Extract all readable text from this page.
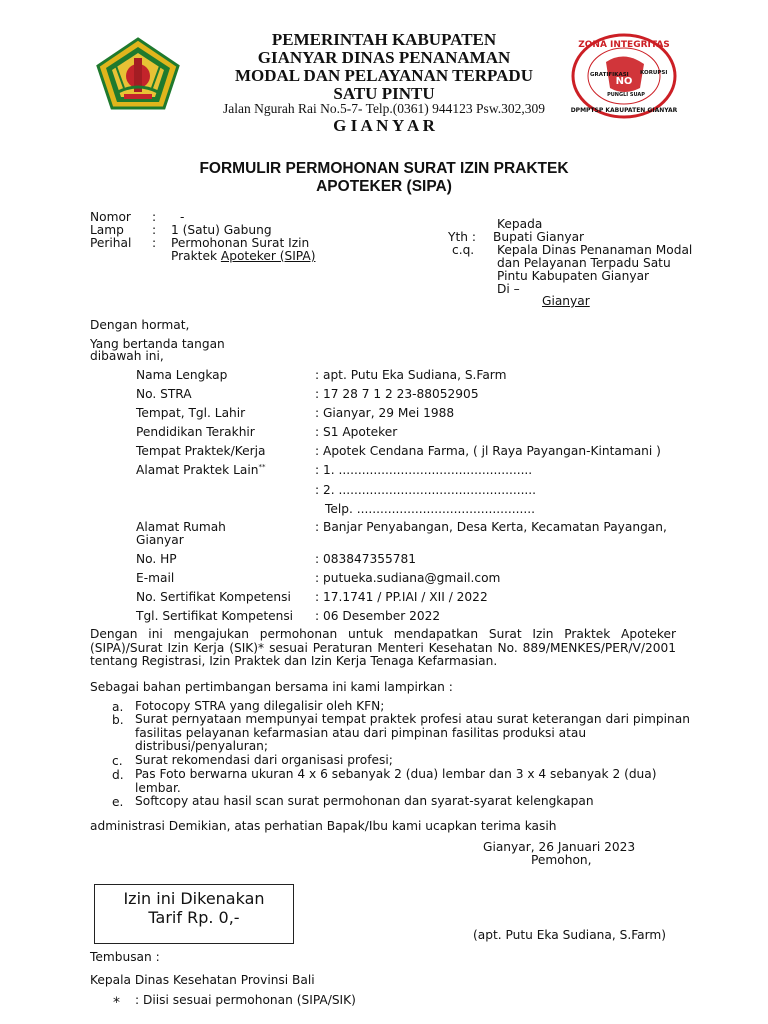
PEMERINTAH KABUPATEN
GIANYAR DINAS PENANAMAN
MODAL DAN PELAYANAN TERPADU
SATU PINTU
Jalan Ngurah Rai No.5-7- Telp.(0361) 944123 Psw.302,309
G I A N Y A R
ZONA INTEGRITAS
GRATIFIKASI KORUPSI
NO
PUNGLI SUAP
DPMPTSP KABUPATEN GIANYAR
FORMULIR PERMOHONAN SURAT IZIN PRAKTEK
APOTEKER (SIPA)
Nomor : -
Lamp : 1 (Satu) Gabung
Perihal : Permohonan Surat Izin
Praktek Apoteker (SIPA)
Kepada
Yth : Bupati Gianyar
c.q. Kepala Dinas Penanaman Modal
dan Pelayanan Terpadu Satu
Pintu Kabupaten Gianyar
Di –
Gianyar
Dengan hormat,
Yang bertanda tangan
dibawah ini,
Nama Lengkap	: apt. Putu Eka Sudiana, S.Farm
No. STRA	: 17 28 7 1 2 23-88052905
Tempat, Tgl. Lahir	: Gianyar, 29 Mei 1988
Pendidikan Terakhir	: S1 Apoteker
Tempat Praktek/Kerja	: Apotek Cendana Farma, ( jl Raya Payangan-Kintamani )
Alamat Praktek Lain**	: 1. ..................................................
: 2. ...................................................
Telp. ..............................................
Alamat Rumah
Gianyar
: Banjar Penyabangan, Desa Kerta, Kecamatan Payangan,
No. HP	: 083847355781
E-mail	: putueka.sudiana@gmail.com
No. Sertifikat Kompetensi : 17.1741 / PP.IAI / XII / 2022
Tgl. Sertifikat Kompetensi : 06 Desember 2022
Dengan ini mengajukan permohonan untuk mendapatkan Surat Izin Praktek Apoteker (SIPA)/Surat Izin Kerja (SIK)* sesuai Peraturan Menteri Kesehatan No. 889/MENKES/PER/V/2001 tentang Registrasi, Izin Praktek dan Izin Kerja Tenaga Kefarmasian.
Sebagai bahan pertimbangan bersama ini kami lampirkan :
a. Fotocopy STRA yang dilegalisir oleh KFN;
b. Surat pernyataan mempunyai tempat praktek profesi atau surat keterangan dari pimpinan fasilitas pelayanan kefarmasian atau dari pimpinan fasilitas produksi atau distribusi/penyaluran;
c. Surat rekomendasi dari organisasi profesi;
d. Pas Foto berwarna ukuran 4 x 6 sebanyak 2 (dua) lembar dan 3 x 4 sebanyak 2 (dua) lembar.
e. Softcopy atau hasil scan surat permohonan dan syarat-syarat kelengkapan
administrasi Demikian, atas perhatian Bapak/Ibu kami ucapkan terima kasih
Gianyar, 26 Januari 2023
Pemohon,
(apt. Putu Eka Sudiana, S.Farm)
Izin ini Dikenakan
Tarif Rp. 0,-
Tembusan :
Kepala Dinas Kesehatan Provinsi Bali
* : Diisi sesuai permohonan (SIPA/SIK)
